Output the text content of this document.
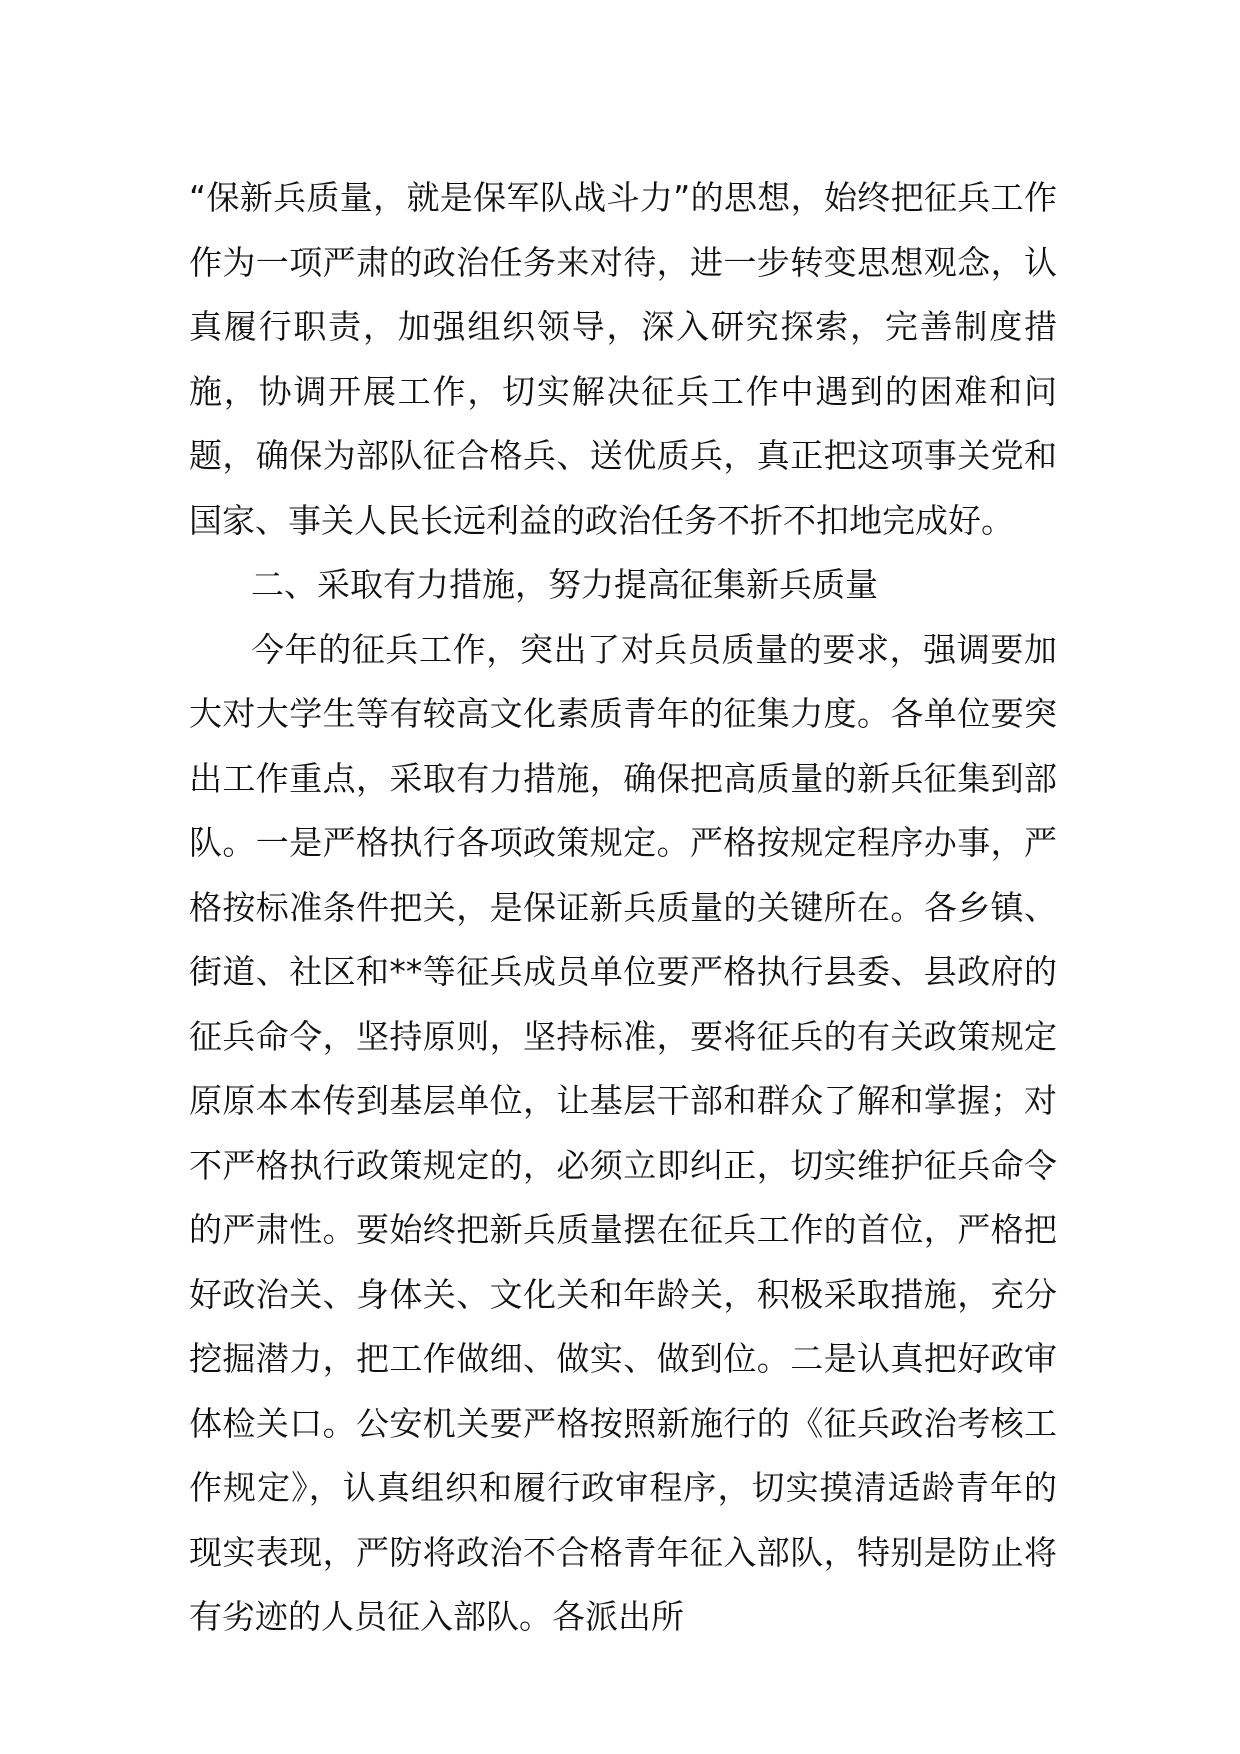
“保新兵质量，就是保军队战斗力”的思想，始终把征兵工作作为一项严肃的政治任务来对待，进一步转变思想观念，认真履行职责，加强组织领导，深入研究探索，完善制度措施，协调开展工作，切实解决征兵工作中遇到的困难和问题，确保为部队征合格兵、送优质兵，真正把这项事关党和国家、事关人民长远利益的政治任务不折不扣地完成好。

二、采取有力措施，努力提高征集新兵质量

今年的征兵工作，突出了对兵员质量的要求，强调要加大对大学生等有较高文化素质青年的征集力度。各单位要突出工作重点，采取有力措施，确保把高质量的新兵征集到部队。一是严格执行各项政策规定。严格按规定程序办事，严格按标准条件把关，是保证新兵质量的关键所在。各乡镇、街道、社区和**等征兵成员单位要严格执行县委、县政府的征兵命令，坚持原则，坚持标准，要将征兵的有关政策规定原原本本传到基层单位，让基层干部和群众了解和掌握；对不严格执行政策规定的，必须立即纠正，切实维护征兵命令的严肃性。要始终把新兵质量摆在征兵工作的首位，严格把好政治关、身体关、文化关和年龄关，积极采取措施，充分挖掘潜力，把工作做细、做实、做到位。二是认真把好政审体检关口。公安机关要严格按照新施行的《征兵政治考核工作规定》，认真组织和履行政审程序，切实摸清适龄青年的现实表现，严防将政治不合格青年征入部队，特别是防止将有劣迹的人员征入部队。各派出所
